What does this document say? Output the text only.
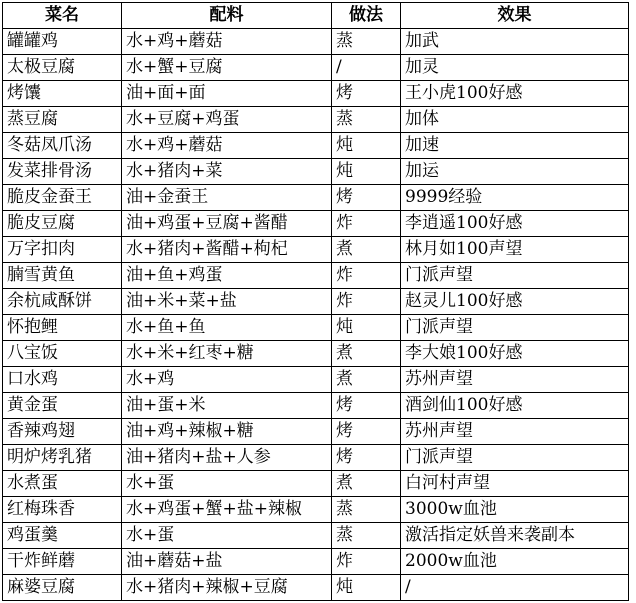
菜名	配料	做法	效果
罐罐鸡	水+鸡+蘑菇	蒸	加武
太极豆腐	水+蟹+豆腐	/	加灵
烤馕	油+面+面	烤	王小虎100好感
蒸豆腐	水+豆腐+鸡蛋	蒸	加体
冬菇凤爪汤	水+鸡+蘑菇	炖	加速
发菜排骨汤	水+猪肉+菜	炖	加运
脆皮金蚕王	油+金蚕王	烤	9999经验
脆皮豆腐	油+鸡蛋+豆腐+酱醋	炸	李逍遥100好感
万字扣肉	水+猪肉+酱醋+枸杞	煮	林月如100声望
腩雪黄鱼	油+鱼+鸡蛋	炸	门派声望
余杭咸酥饼	油+米+菜+盐	炸	赵灵儿100好感
怀抱鲤	水+鱼+鱼	炖	门派声望
八宝饭	水+米+红枣+糖	煮	李大娘100好感
口水鸡	水+鸡	煮	苏州声望
黄金蛋	油+蛋+米	烤	酒剑仙100好感
香辣鸡翅	油+鸡+辣椒+糖	烤	苏州声望
明炉烤乳猪	油+猪肉+盐+人参	烤	门派声望
水煮蛋	水+蛋	煮	白河村声望
红梅珠香	水+鸡蛋+蟹+盐+辣椒	蒸	3000w血池
鸡蛋羹	水+蛋	蒸	激活指定妖兽来袭副本
干炸鲜蘑	油+蘑菇+盐	炸	2000w血池
麻婆豆腐	水+猪肉+辣椒+豆腐	炖	/
